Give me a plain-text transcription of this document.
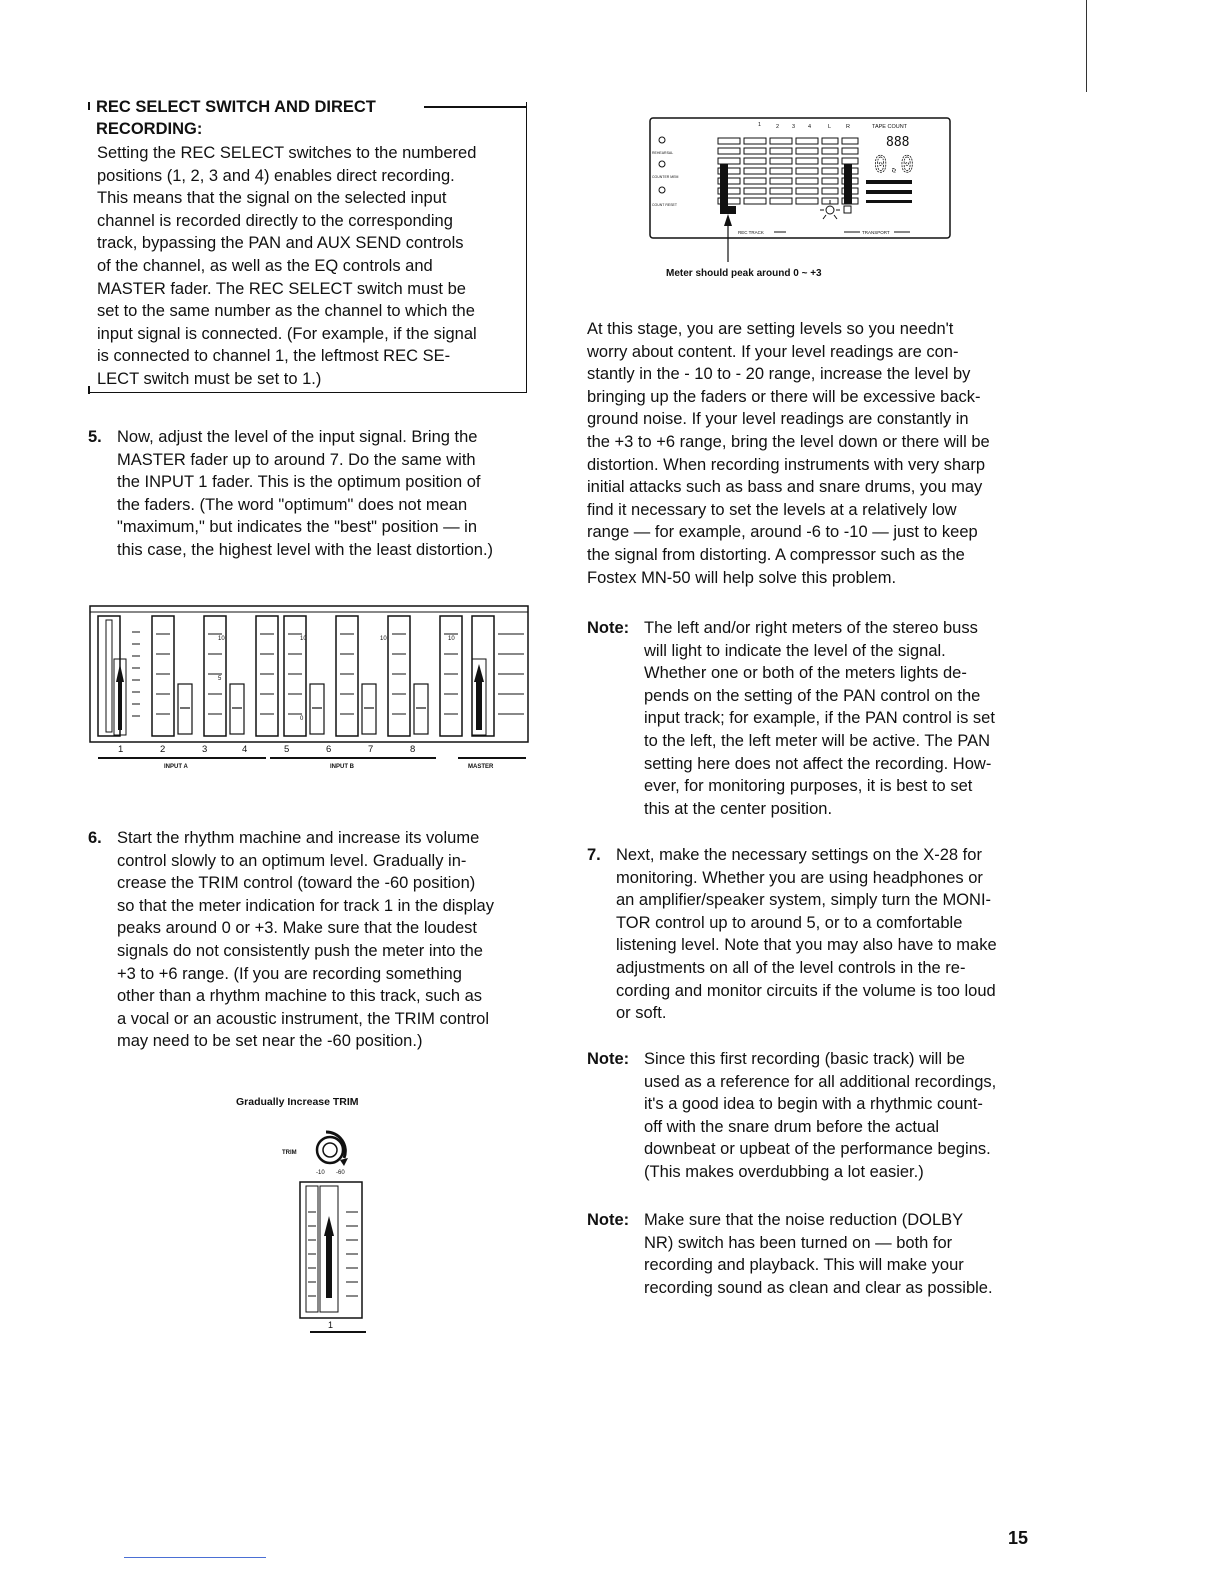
REC SELECT SWITCH AND DIRECT
RECORDING:
Setting the REC SELECT switches to the numbered
positions (1, 2, 3 and 4) enables direct recording.
This means that the signal on the selected input
channel is recorded directly to the corresponding
track, bypassing the PAN and AUX SEND controls
of the channel, as well as the EQ controls and
MASTER fader. The REC SELECT switch must be
set to the same number as the channel to which the
input signal is connected. (For example, if the signal
is connected to channel 1, the leftmost REC SE-
LECT switch must be set to 1.)
5. Now, adjust the level of the input signal. Bring the
MASTER fader up to around 7. Do the same with
the INPUT 1 fader. This is the optimum position of
the faders. (The word "optimum" does not mean
"maximum," but indicates the "best" position — in
this case, the highest level with the least distortion.)
10	10	10	10
5
0
1	2	3	4	5	6	7	8
INPUT A	INPUT B	MASTER
6. Start the rhythm machine and increase its volume
control slowly to an optimum level. Gradually in-
crease the TRIM control (toward the -60 position)
so that the meter indication for track 1 in the display
peaks around 0 or +3. Make sure that the loudest
signals do not consistently push the meter into the
+3 to +6 range. (If you are recording something
other than a rhythm machine to this track, such as
a vocal or an acoustic instrument, the TRIM control
may need to be set near the -60 position.)
Gradually Increase TRIM
TRIM
-10 -60
1
1	2 3 4	L	R	TAPE COUNT
REHEARSAL
COUNT RESET
COUNTER MEM
888
0.0
REC TRACK	TRANSPORT
Meter should peak around 0 ~ +3
At this stage, you are setting levels so you needn't
worry about content. If your level readings are con-
stantly in the - 10 to - 20 range, increase the level by
bringing up the faders or there will be excessive back-
ground noise. If your level readings are constantly in
the +3 to +6 range, bring the level down or there will be
distortion. When recording instruments with very sharp
initial attacks such as bass and snare drums, you may
find it necessary to set the levels at a relatively low
range — for example, around -6 to -10 — just to keep
the signal from distorting. A compressor such as the
Fostex MN-50 will help solve this problem.
Note: The left and/or right meters of the stereo buss
will light to indicate the level of the signal.
Whether one or both of the meters lights de-
pends on the setting of the PAN control on the
input track; for example, if the PAN control is set
to the left, the left meter will be active. The PAN
setting here does not affect the recording. How-
ever, for monitoring purposes, it is best to set
this at the center position.
7. Next, make the necessary settings on the X-28 for
monitoring. Whether you are using headphones or
an amplifier/speaker system, simply turn the MONI-
TOR control up to around 5, or to a comfortable
listening level. Note that you may also have to make
adjustments on all of the level controls in the re-
cording and monitor circuits if the volume is too loud
or soft.
Note: Since this first recording (basic track) will be
used as a reference for all additional recordings,
it's a good idea to begin with a rhythmic count-
off with the snare drum before the actual
downbeat or upbeat of the performance begins.
(This makes overdubbing a lot easier.)
Note: Make sure that the noise reduction (DOLBY
NR) switch has been turned on — both for
recording and playback. This will make your
recording sound as clean and clear as possible.
15
